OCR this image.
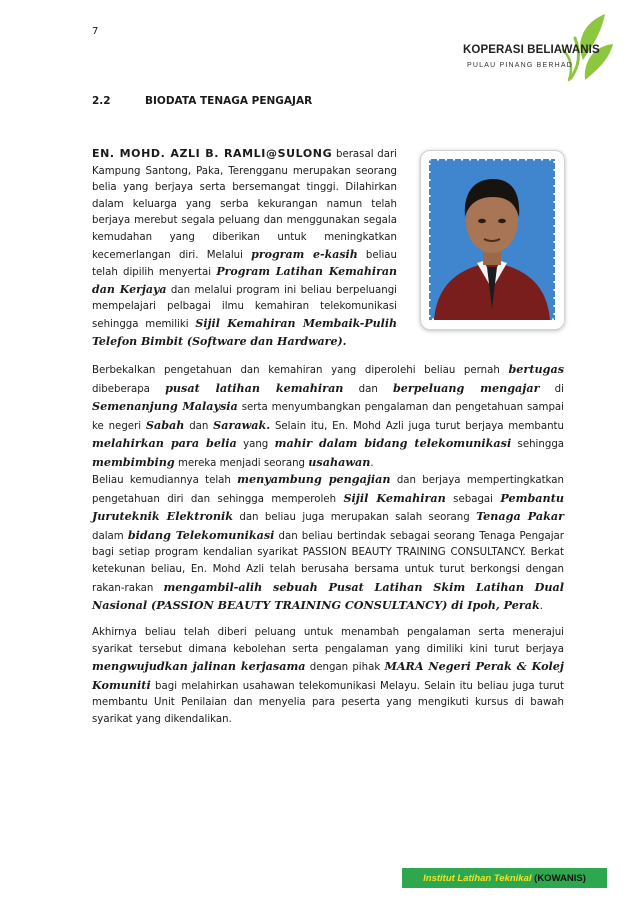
7
KOPERASI BELIAWANIS
PULAU PINANG BERHAD
2.2	BIODATA TENAGA PENGAJAR

EN. MOHD. AZLI B. RAMLI@SULONG berasal dari Kampung Santong, Paka, Terengganu merupakan seorang belia yang berjaya serta bersemangat tinggi. Dilahirkan dalam keluarga yang serba kekurangan namun telah berjaya merebut segala peluang dan menggunakan segala kemudahan yang diberikan untuk meningkatkan kecemerlangan diri. Melalui program e-kasih beliau telah dipilih menyertai Program Latihan Kemahiran dan Kerjaya dan melalui program ini beliau berpeluangi mempelajari pelbagai ilmu kemahiran telekomunikasi sehingga memiliki Sijil Kemahiran Membaik-Pulih Telefon Bimbit (Software dan Hardware).

Berbekalkan pengetahuan dan kemahiran yang diperolehi beliau pernah bertugas dibeberapa pusat latihan kemahiran dan berpeluang mengajar di Semenanjung Malaysia serta menyumbangkan pengalaman dan pengetahuan sampai ke negeri Sabah dan Sarawak. Selain itu, En. Mohd Azli juga turut berjaya membantu melahirkan para belia yang mahir dalam bidang telekomunikasi sehingga membimbing mereka menjadi seorang usahawan.

Beliau kemudiannya telah menyambung pengajian dan berjaya mempertingkatkan pengetahuan diri dan sehingga memperoleh Sijil Kemahiran sebagai Pembantu Juruteknik Elektronik dan beliau juga merupakan salah seorang Tenaga Pakar dalam bidang Telekomunikasi dan beliau bertindak sebagai seorang Tenaga Pengajar bagi setiap program kendalian syarikat PASSION BEAUTY TRAINING CONSULTANCY. Berkat ketekunan beliau, En. Mohd Azli telah berusaha bersama untuk turut berkongsi dengan rakan-rakan mengambil-alih sebuah Pusat Latihan Skim Latihan Dual Nasional (PASSION BEAUTY TRAINING CONSULTANCY) di Ipoh, Perak.

Akhirnya beliau telah diberi peluang untuk menambah pengalaman serta menerajui syarikat tersebut dimana kebolehan serta pengalaman yang dimiliki kini turut berjaya mengwujudkan jalinan kerjasama dengan pihak MARA Negeri Perak & Kolej Komuniti bagi melahirkan usahawan telekomunikasi Melayu. Selain itu beliau juga turut membantu Unit Penilaian dan menyelia para peserta yang mengikuti kursus di bawah syarikat yang dikendalikan.

Institut Latihan Teknikal
(KOWANIS)
